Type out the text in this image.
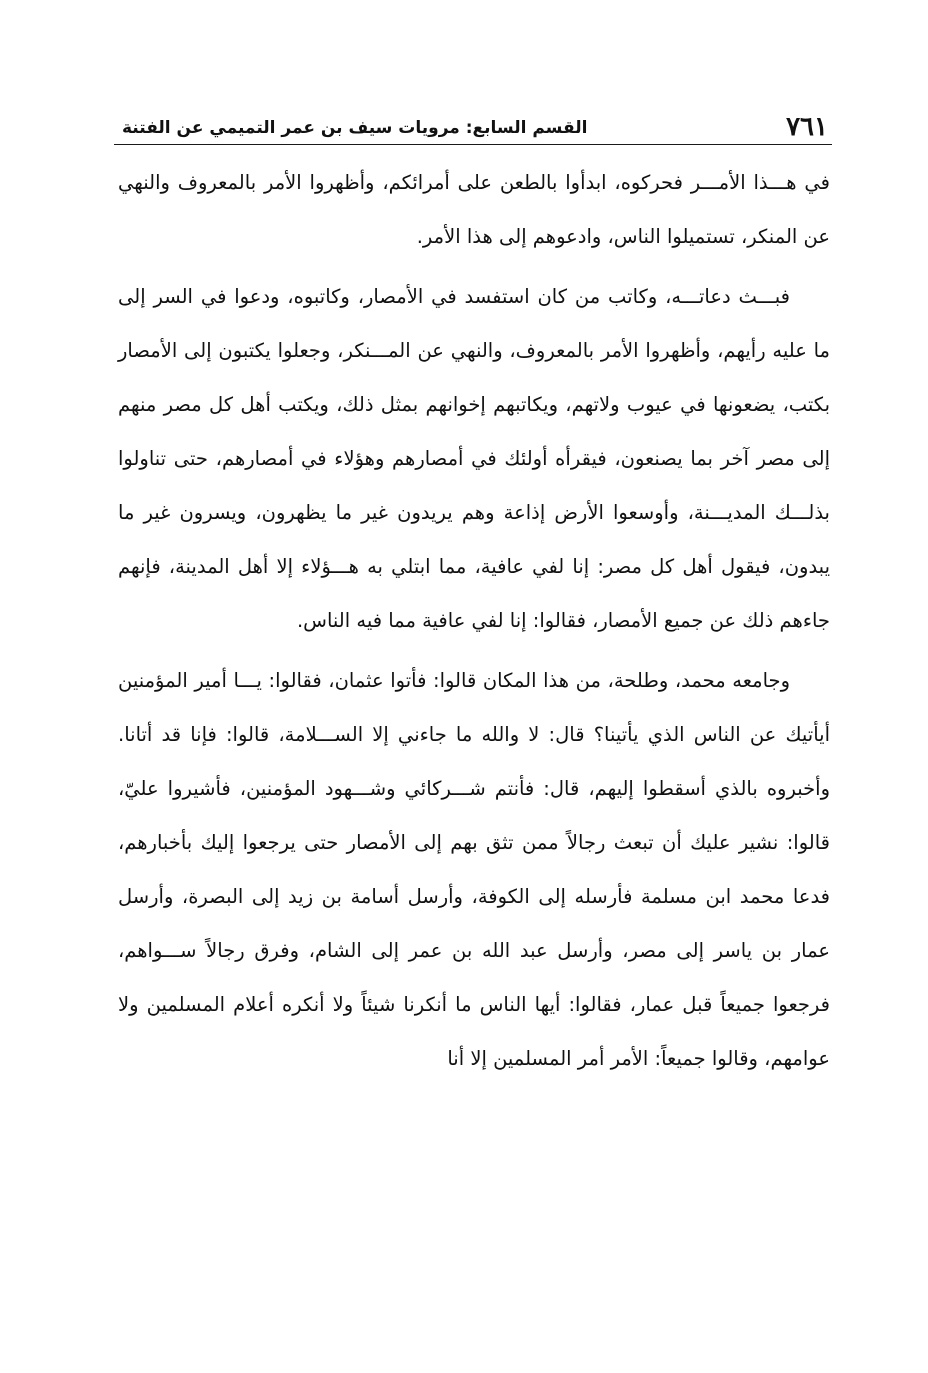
٧٦١
القسم السابع: مرويات سيف بن عمر التميمي عن الفتنة

في هـــذا الأمـــر فحركوه، ابدأوا بالطعن على أمرائكم، وأظهروا الأمر بالمعروف والنهي عن المنكر، تستميلوا الناس، وادعوهم إلى هذا الأمر.

فبـــث دعاتـــه، وكاتب من كان استفسد في الأمصار، وكاتبوه، ودعوا في السر إلى ما عليه رأيهم، وأظهروا الأمر بالمعروف، والنهي عن المـــنكر، وجعلوا يكتبون إلى الأمصار بكتب، يضعونها في عيوب ولاتهم، ويكاتبهم إخوانهم بمثل ذلك، ويكتب أهل كل مصر منهم إلى مصر آخر بما يصنعون، فيقرأه أولئك في أمصارهم وهؤلاء في أمصارهم، حتى تناولوا بذلـــك المديـــنة، وأوسعوا الأرض إذاعة وهم يريدون غير ما يظهرون، ويسرون غير ما يبدون، فيقول أهل كل مصر: إنا لفي عافية، مما ابتلي به هـــؤلاء إلا أهل المدينة، فإنهم جاءهم ذلك عن جميع الأمصار، فقالوا: إنا لفي عافية مما فيه الناس.

وجامعه محمد، وطلحة، من هذا المكان قالوا: فأتوا عثمان، فقالوا: يـــا أمير المؤمنين أيأتيك عن الناس الذي يأتينا؟ قال: لا والله ما جاءني إلا الســـلامة، قالوا: فإنا قد أتانا. وأخبروه بالذي أسقطوا إليهم، قال: فأنتم شـــركائي وشـــهود المؤمنين، فأشيروا عليّ، قالوا: نشير عليك أن تبعث رجالاً ممن تثق بهم إلى الأمصار حتى يرجعوا إليك بأخبارهم، فدعا محمد ابن مسلمة فأرسله إلى الكوفة، وأرسل أسامة بن زيد إلى البصرة، وأرسل عمار بن ياسر إلى مصر، وأرسل عبد الله بن عمر إلى الشام، وفرق رجالاً ســـواهم، فرجعوا جميعاً قبل عمار، فقالوا: أيها الناس ما أنكرنا شيئاً ولا أنكره أعلام المسلمين ولا عوامهم، وقالوا جميعاً: الأمر أمر المسلمين إلا أنا
